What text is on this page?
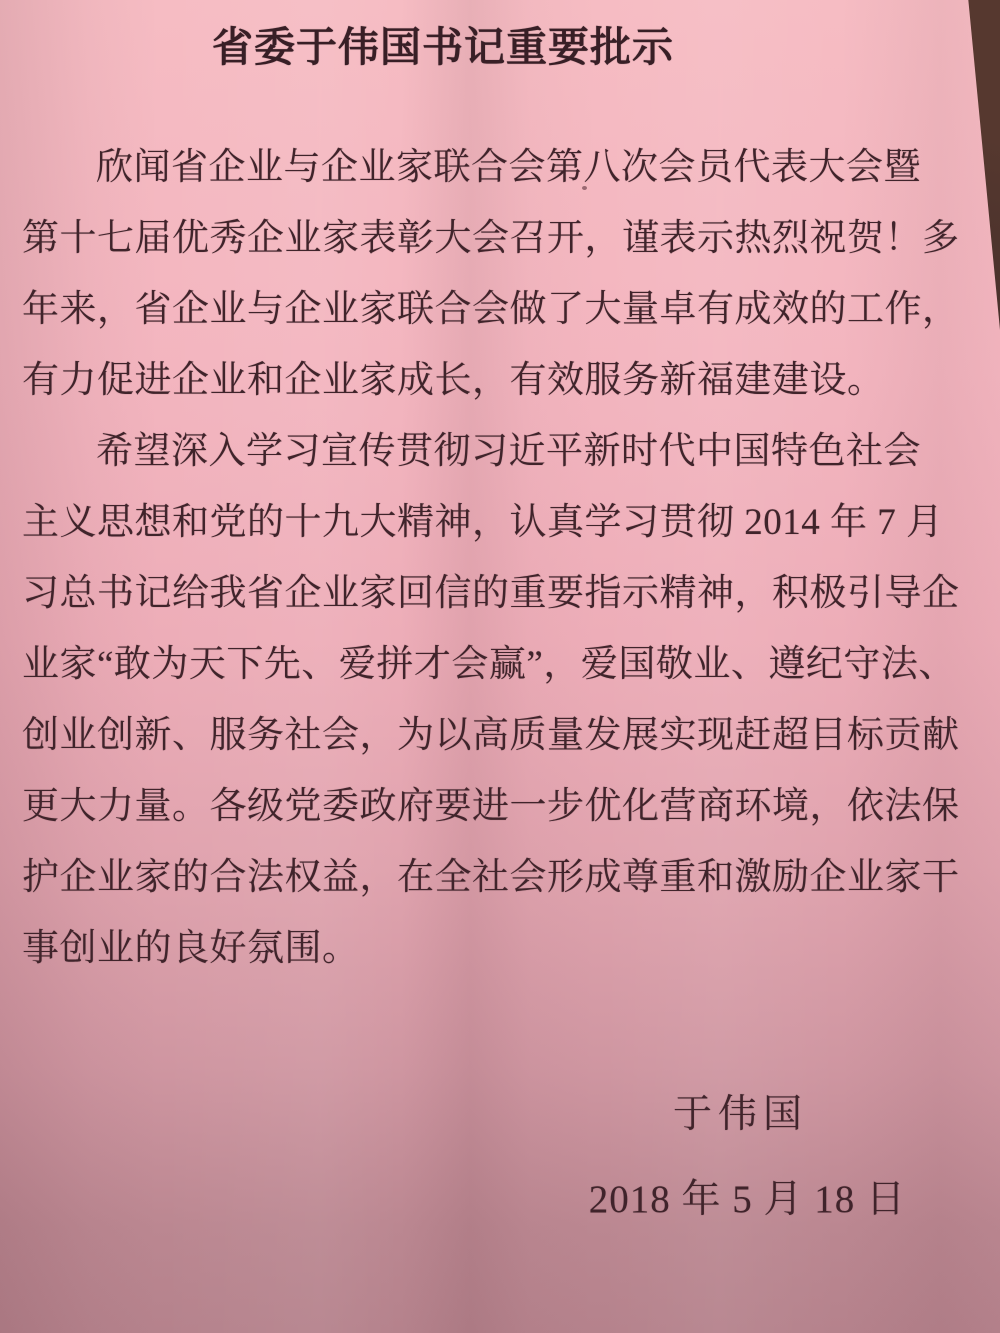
省委于伟国书记重要批示
欣闻省企业与企业家联合会第八次会员代表大会暨
第十七届优秀企业家表彰大会召开，谨表示热烈祝贺！多
年来，省企业与企业家联合会做了大量卓有成效的工作，
有力促进企业和企业家成长，有效服务新福建建设。
希望深入学习宣传贯彻习近平新时代中国特色社会
主义思想和党的十九大精神，认真学习贯彻 2014 年 7 月
习总书记给我省企业家回信的重要指示精神，积极引导企
业家“敢为天下先、爱拼才会赢”，爱国敬业、遵纪守法、
创业创新、服务社会，为以高质量发展实现赶超目标贡献
更大力量。各级党委政府要进一步优化营商环境，依法保
护企业家的合法权益，在全社会形成尊重和激励企业家干
事创业的良好氛围。
于伟国
2018 年 5 月 18 日
